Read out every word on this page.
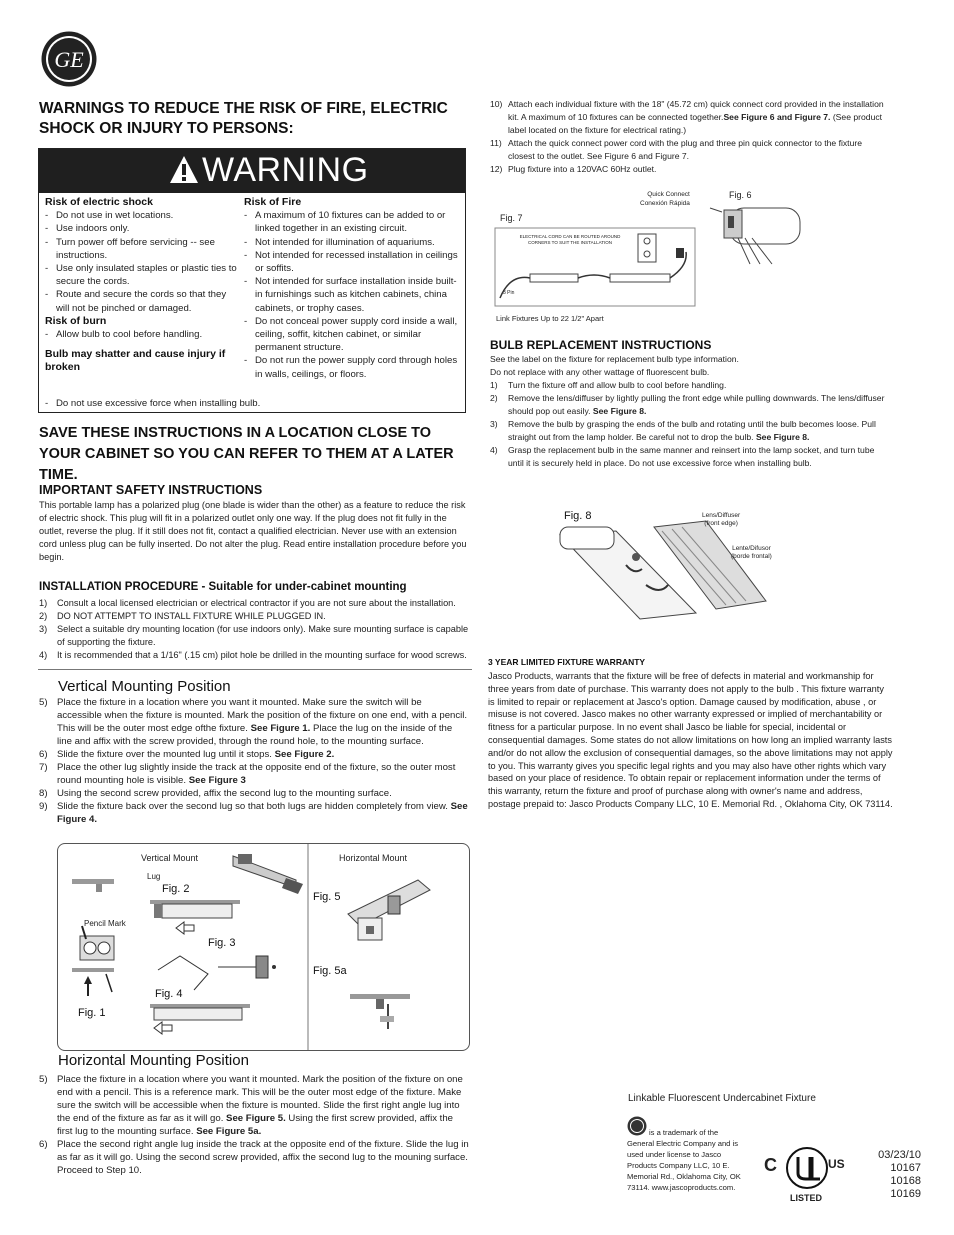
GE
WARNINGS TO REDUCE THE RISK OF FIRE, ELECTRIC SHOCK OR INJURY TO PERSONS:
WARNING
Risk of electric shock
- Do not use in wet locations.
- Use indoors only.
- Turn power off before servicing -- see instructions.
- Use only insulated staples or plastic ties to secure the cords.
- Route and secure the cords so that they will not be pinched or damaged.
Risk of burn
- Allow bulb to cool before handling.
Bulb may shatter and cause injury if broken
- Do not use excessive force when installing bulb.
Risk of Fire
- A maximum of 10 fixtures can be added to or linked together in an existing circuit.
- Not intended for illumination of aquariums.
- Not intended for recessed installation in ceilings or soffits.
- Not intended for surface installation inside built-in furnishings such as kitchen cabinets, china cabinets, or trophy cases.
- Do not conceal power supply cord inside a wall, ceiling, soffit, kitchen cabinet, or similar permanent structure.
- Do not run the power supply cord through holes in walls, ceilings, or floors.
SAVE THESE INSTRUCTIONS IN A LOCATION CLOSE TO YOUR CABINET SO YOU CAN REFER TO THEM AT A LATER TIME.
IMPORTANT SAFETY INSTRUCTIONS
This portable lamp has a polarized plug (one blade is wider than the other) as a feature to reduce the risk of electric shock. This plug will fit in a polarized outlet only one way. If the plug does not fit fully in the outlet, reverse the plug. If it still does not fit, contact a qualified electrician. Never use with an extension cord unless plug can be fully inserted. Do not alter the plug. Read entire installation procedure before you begin.
INSTALLATION PROCEDURE - Suitable for under-cabinet mounting
1) Consult a local licensed electrician or electrical contractor if you are not sure about the installation.
2) DO NOT ATTEMPT TO INSTALL FIXTURE WHILE PLUGGED IN.
3) Select a suitable dry mounting location (for use indoors only). Make sure mounting surface is capable of supporting the fixture.
4) It is recommended that a 1/16" (.15 cm) pilot hole be drilled in the mounting surface for wood screws.
Vertical Mounting Position
5) Place the fixture in a location where you want it mounted. Make sure the switch will be accessible when the fixture is mounted. Mark the position of the fixture on one end, with a pencil. This will be the outer most edge ofthe fixture. See Figure 1. Place the lug on the inside of the line and affix with the screw provided, through the round hole, to the mounting surface.
6) Slide the fixture over the mounted lug until it stops. See Figure 2.
7) Place the other lug slightly inside the track at the opposite end of the fixture, so the outer most round mounting hole is visible. See Figure 3
8) Using the second screw provided, affix the second lug to the mounting surface.
9) Slide the fixture back over the second lug so that both lugs are hidden completely from view. See Figure 4.
Vertical Mount	Horizontal Mount
Lug
Pencil Mark
Fig. 2
Fig. 3
Fig. 4
Fig. 1
Fig. 5
Fig. 5a
Horizontal Mounting Position
5) Place the fixture in a location where you want it mounted. Mark the position of the fixture on one end with a pencil. This is a reference mark. This will be the outer most edge of the fixture. Make sure the switch will be accessible when the fixture is mounted. Slide the first right angle lug into the end of the fixture as far as it will go. See Figure 5. Using the first screw provided, affix the first lug to the mounting surface. See Figure 5a.
6) Place the second right angle lug inside the track at the opposite end of the fixture. Slide the lug in as far as it will go. Using the second screw provided, affix the second lug to the mouning surface. Proceed to Step 10.
10) Attach each individual fixture with the 18" (45.72 cm) quick connect cord provided in the installation kit. A maximum of 10 fixtures can be connected together.See Figure 6 and Figure 7. (See product label located on the fixture for electrical rating.)
11) Attach the quick connect power cord with the plug and three pin quick connector to the fixture closest to the outlet. See Figure 6 and Figure 7.
12) Plug fixture into a 120VAC 60Hz outlet.
Fig. 7
Fig. 6
Quick Connect
Conexión Rápida
ELECTRICAL CORD CAN BE ROUTED AROUND
CORNERS TO SUIT THE INSTALLATION
3 Pin
Link Fixtures Up to 22 1/2" Apart
BULB REPLACEMENT INSTRUCTIONS
See the label on the fixture for replacement bulb type information.
Do not replace with any other wattage of fluorescent bulb.
1) Turn the fixture off and allow bulb to cool before handling.
2) Remove the lens/diffuser by lightly pulling the front edge while pulling downwards. The lens/diffuser should pop out easily. See Figure 8.
3) Remove the bulb by grasping the ends of the bulb and rotating until the bulb becomes loose. Pull straight out from the lamp holder. Be careful not to drop the bulb. See Figure 8.
4) Grasp the replacement bulb in the same manner and reinsert into the lamp socket, and turn tube until it is securely held in place. Do not use excessive force when installing bulb.
Fig. 8	Lens/Diffuser
(front edge)
Lente/Difusor
(borde frontal)
3 YEAR LIMITED FIXTURE WARRANTY
Jasco Products, warrants that the fixture will be free of defects in material and workmanship for three years from date of purchase. This warranty does not apply to the bulb . This fixture warranty is limited to repair or replacement at Jasco's option. Damage caused by modification, abuse , or misuse is not covered. Jasco makes no other warranty expressed or implied of merchantability or fitness for a particular purpose. In no event shall Jasco be liable for special, incidental or consequential damages. Some states do not allow limitations on how long an implied warranty lasts and/or do not allow the exclusion of consequential damages, so the above limitations may not apply to you. This warranty gives you specific legal rights and you may also have other rights which vary based on your place of residence. To obtain repair or replacement information under the terms of this warranty, return the fixture and proof of purchase along with owner's name and address, postage prepaid to: Jasco Products Company LLC, 10 E. Memorial Rd. , Oklahoma City, OK 73114.
Linkable Fluorescent Undercabinet Fixture
is a trademark of the General Electric Company and is used under license to Jasco Products Company LLC, 10 E. Memorial Rd., Oklahoma City, OK 73114. www.jascoproducts.com.
03/23/10
10167
10168
10169
C	US
LISTED
